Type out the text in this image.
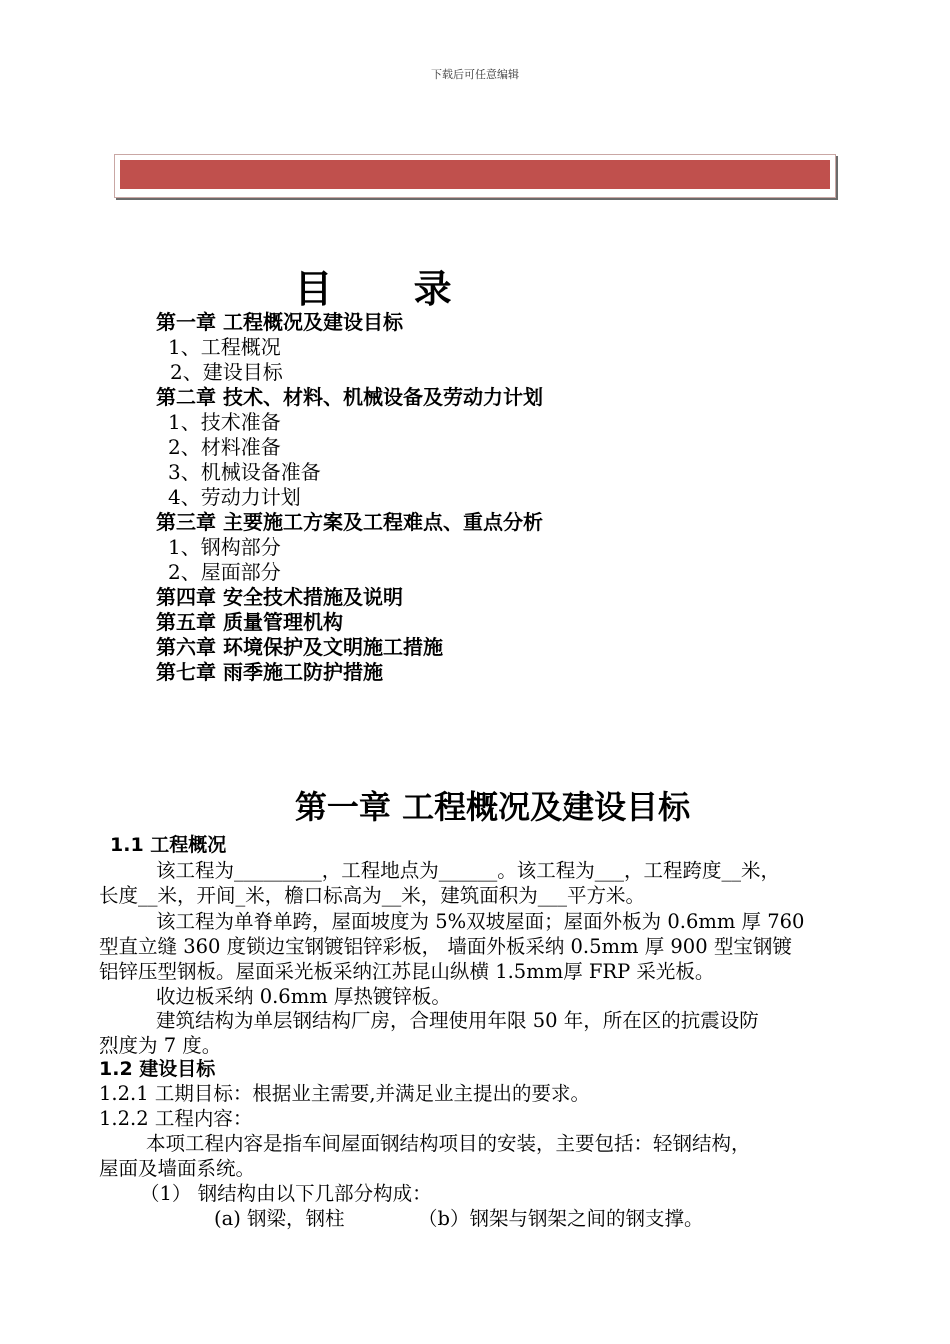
下载后可任意编辑
目 录
第一章 工程概况及建设目标
1、工程概况
2、建设目标
第二章 技术、材料、机械设备及劳动力计划
1、技术准备
2、材料准备
3、机械设备准备
4、劳动力计划
第三章 主要施工方案及工程难点、重点分析
1、钢构部分
2、屋面部分
第四章 安全技术措施及说明
第五章 质量管理机构
第六章 环境保护及文明施工措施
第七章 雨季施工防护措施
第一章 工程概况及建设目标
1.1 工程概况
该工程为_________，工程地点为______。该工程为___，工程跨度__米，
长度__米，开间_米，檐口标高为__米，建筑面积为___平方米。
该工程为单脊单跨，屋面坡度为 5%双坡屋面；屋面外板为 0.6mm 厚 760
型直立缝 360 度锁边宝钢镀铝锌彩板， 墙面外板采纳 0.5mm 厚 900 型宝钢镀
铝锌压型钢板。屋面采光板采纳江苏昆山纵横 1.5mm厚 FRP 采光板。
收边板采纳 0.6mm 厚热镀锌板。
建筑结构为单层钢结构厂房，合理使用年限 50 年，所在区的抗震设防
烈度为 7 度。
1.2 建设目标
1.2.1 工期目标：根据业主需要,并满足业主提出的要求。
1.2.2 工程内容：
本项工程内容是指车间屋面钢结构项目的安装，主要包括：轻钢结构，
屋面及墙面系统。
（1） 钢结构由以下几部分构成：
(a) 钢梁，钢柱	（b）钢架与钢架之间的钢支撑。
